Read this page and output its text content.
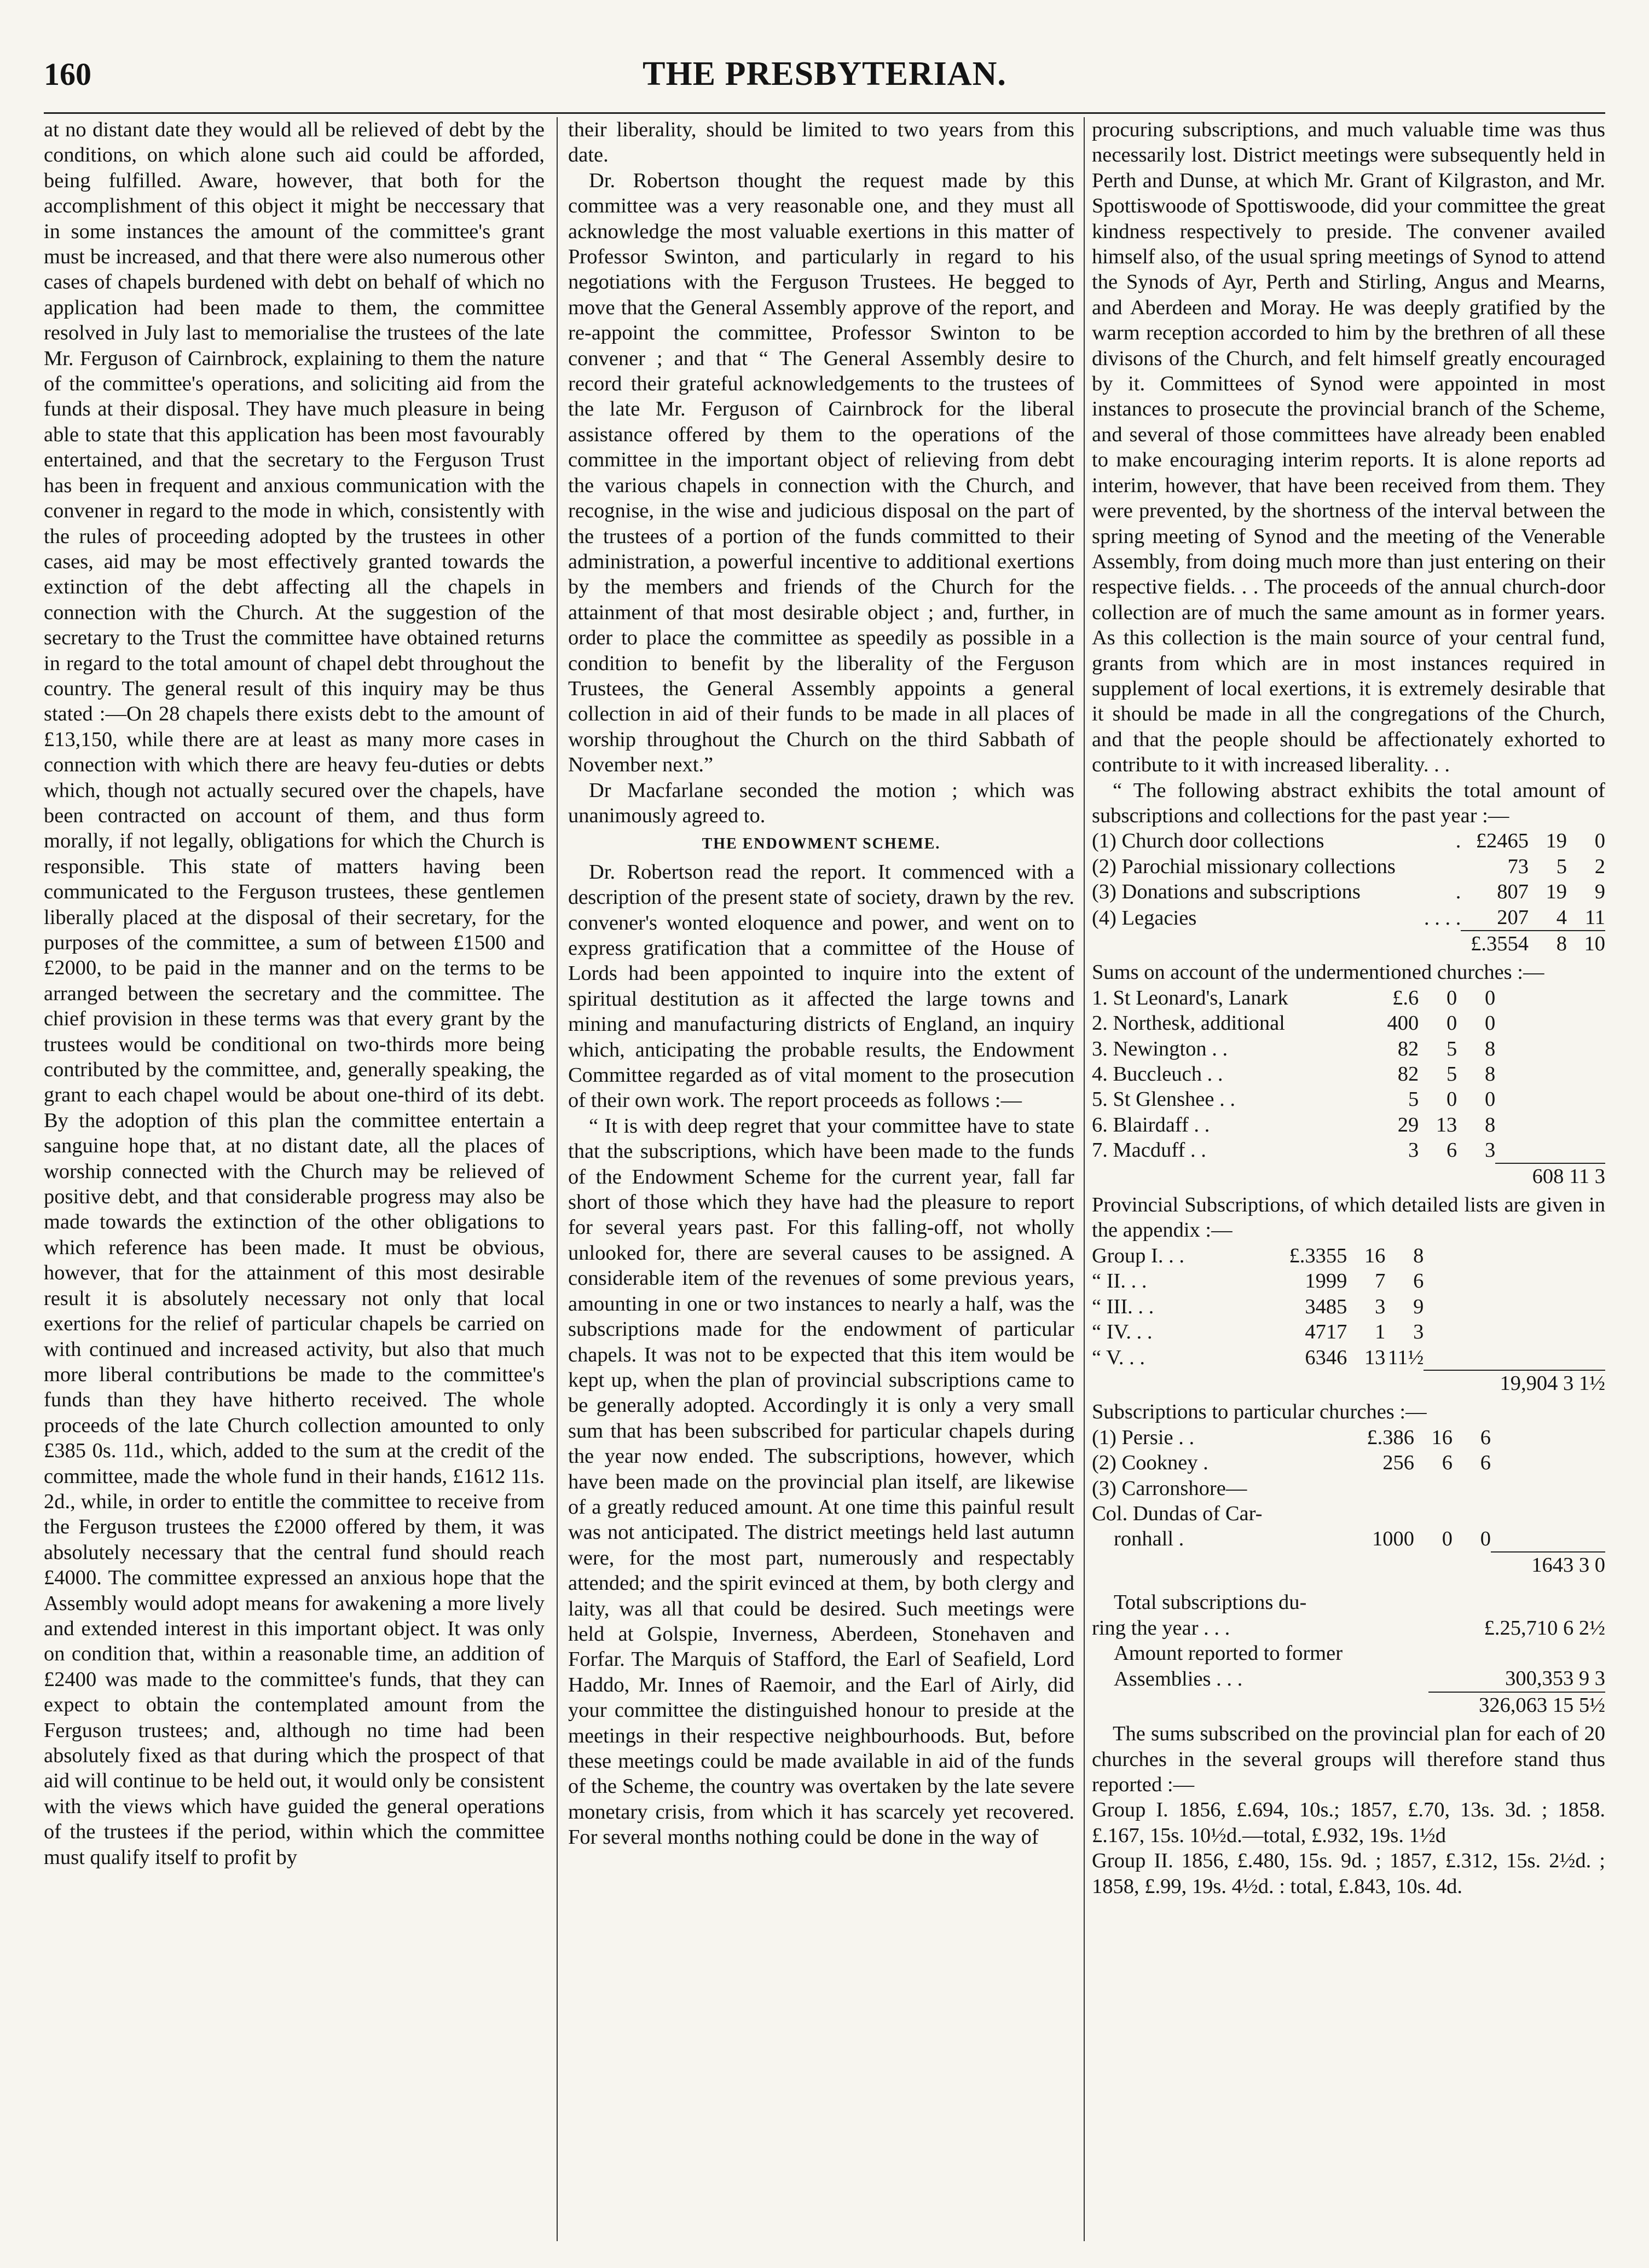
160	THE PRESBYTERIAN.

at no distant date they would all be relieved of debt by the conditions, on which alone such aid could be afforded, being fulfilled. Aware, however, that both for the accomplishment of this object it might be neccessary that in some instances the amount of the committee's grant must be increased, and that there were also numerous other cases of chapels burdened with debt on behalf of which no application had been made to them, the committee resolved in July last to memorialise the trustees of the late Mr. Ferguson of Cairnbrock, explaining to them the nature of the committee's operations, and soliciting aid from the funds at their disposal. They have much pleasure in being able to state that this application has been most favourably entertained, and that the secretary to the Ferguson Trust has been in frequent and anxious communication with the convener in regard to the mode in which, consistently with the rules of proceeding adopted by the trustees in other cases, aid may be most effectively granted towards the extinction of the debt affecting all the chapels in connection with the Church. At the suggestion of the secretary to the Trust the committee have obtained returns in regard to the total amount of chapel debt throughout the country. The general result of this inquiry may be thus stated :—On 28 chapels there exists debt to the amount of £13,150, while there are at least as many more cases in connection with which there are heavy feu-duties or debts which, though not actually secured over the chapels, have been contracted on account of them, and thus form morally, if not legally, obligations for which the Church is responsible. This state of matters having been communicated to the Ferguson trustees, these gentlemen liberally placed at the disposal of their secretary, for the purposes of the committee, a sum of between £1500 and £2000, to be paid in the manner and on the terms to be arranged between the secretary and the committee. The chief provision in these terms was that every grant by the trustees would be conditional on two-thirds more being contributed by the committee, and, generally speaking, the grant to each chapel would be about one-third of its debt. By the adoption of this plan the committee entertain a sanguine hope that, at no distant date, all the places of worship connected with the Church may be relieved of positive debt, and that considerable progress may also be made towards the extinction of the other obligations to which reference has been made. It must be obvious, however, that for the attainment of this most desirable result it is absolutely necessary not only that local exertions for the relief of particular chapels be carried on with continued and increased activity, but also that much more liberal contributions be made to the committee's funds than they have hitherto received. The whole proceeds of the late Church collection amounted to only £385 0s. 11d., which, added to the sum at the credit of the committee, made the whole fund in their hands, £1612 11s. 2d., while, in order to entitle the committee to receive from the Ferguson trustees the £2000 offered by them, it was absolutely necessary that the central fund should reach £4000. The committee expressed an anxious hope that the Assembly would adopt means for awakening a more lively and extended interest in this important object. It was only on condition that, within a reasonable time, an addition of £2400 was made to the committee's funds, that they can expect to obtain the contemplated amount from the Ferguson trustees; and, although no time had been absolutely fixed as that during which the prospect of that aid will continue to be held out, it would only be consistent with the views which have guided the general operations of the trustees if the period, within which the committee must qualify itself to profit by

their liberality, should be limited to two years from this date.

Dr. Robertson thought the request made by this committee was a very reasonable one, and they must all acknowledge the most valuable exertions in this matter of Professor Swinton, and particularly in regard to his negotiations with the Ferguson Trustees. He begged to move that the General Assembly approve of the report, and re-appoint the committee, Professor Swinton to be convener ; and that “ The General Assembly desire to record their grateful acknowledgements to the trustees of the late Mr. Ferguson of Cairnbrock for the liberal assistance offered by them to the operations of the committee in the important object of relieving from debt the various chapels in connection with the Church, and recognise, in the wise and judicious disposal on the part of the trustees of a portion of the funds committed to their administration, a powerful incentive to additional exertions by the members and friends of the Church for the attainment of that most desirable object ; and, further, in order to place the committee as speedily as possible in a condition to benefit by the liberality of the Ferguson Trustees, the General Assembly appoints a general collection in aid of their funds to be made in all places of worship throughout the Church on the third Sabbath of November next.”

Dr Macfarlane seconded the motion ; which was unanimously agreed to.

THE ENDOWMENT SCHEME.

Dr. Robertson read the report. It commenced with a description of the present state of society, drawn by the rev. convener's wonted eloquence and power, and went on to express gratification that a committee of the House of Lords had been appointed to inquire into the extent of spiritual destitution as it affected the large towns and mining and manufacturing districts of England, an inquiry which, anticipating the probable results, the Endowment Committee regarded as of vital moment to the prosecution of their own work. The report proceeds as follows :—

“ It is with deep regret that your committee have to state that the subscriptions, which have been made to the funds of the Endowment Scheme for the current year, fall far short of those which they have had the pleasure to report for several years past. For this falling-off, not wholly unlooked for, there are several causes to be assigned. A considerable item of the revenues of some previous years, amounting in one or two instances to nearly a half, was the subscriptions made for the endowment of particular chapels. It was not to be expected that this item would be kept up, when the plan of provincial subscriptions came to be generally adopted. Accordingly it is only a very small sum that has been subscribed for particular chapels during the year now ended. The subscriptions, however, which have been made on the provincial plan itself, are likewise of a greatly reduced amount. At one time this painful result was not anticipated. The district meetings held last autumn were, for the most part, numerously and respectably attended; and the spirit evinced at them, by both clergy and laity, was all that could be desired. Such meetings were held at Golspie, Inverness, Aberdeen, Stonehaven and Forfar. The Marquis of Stafford, the Earl of Seafield, Lord Haddo, Mr. Innes of Raemoir, and the Earl of Airly, did your committee the distinguished honour to preside at the meetings in their respective neighbourhoods. But, before these meetings could be made available in aid of the funds of the Scheme, the country was overtaken by the late severe monetary crisis, from which it has scarcely yet recovered. For several months nothing could be done in the way of

procuring subscriptions, and much valuable time was thus necessarily lost. District meetings were subsequently held in Perth and Dunse, at which Mr. Grant of Kilgraston, and Mr. Spottiswoode of Spottiswoode, did your committee the great kindness respectively to preside. The convener availed himself also, of the usual spring meetings of Synod to attend the Synods of Ayr, Perth and Stirling, Angus and Mearns, and Aberdeen and Moray. He was deeply gratified by the warm reception accorded to him by the brethren of all these divisons of the Church, and felt himself greatly encouraged by it. Committees of Synod were appointed in most instances to prosecute the provincial branch of the Scheme, and several of those committees have already been enabled to make encouraging interim reports. It is alone reports ad interim, however, that have been received from them. They were prevented, by the shortness of the interval between the spring meeting of Synod and the meeting of the Venerable Assembly, from doing much more than just entering on their respective fields. . . The proceeds of the annual church-door collection are of much the same amount as in former years. As this collection is the main source of your central fund, grants from which are in most instances required in supplement of local exertions, it is extremely desirable that it should be made in all the congregations of the Church, and that the people should be affectionately exhorted to contribute to it with increased liberality. . .

“ The following abstract exhibits the total amount of subscriptions and collections for the past year :—

(1) Church door collections	.	£2465	19	0
(2) Parochial missionary collections		73	5	2
(3) Donations and subscriptions	.	807	19	9
(4) Legacies	. . . .	207	4	11
		£.3554	8	10

Sums on account of the undermentioned churches :—

1. St Leonard's, Lanark	£.6	0	0	
2. Northesk, additional	400	0	0	
3. Newington . .	82	5	8	
4. Buccleuch . .	82	5	8	
5. St Glenshee . .	5	0	0	
6. Blairdaff . .	29	13	8	
7. Macduff . .	3	6	3	
				608 11 3

Provincial Subscriptions, of which detailed lists are given in the appendix :—

Group I. . .	£.3355	16	8	
“ II. . .	1999	7	6	
“ III. . .	3485	3	9	
“ IV. . .	4717	1	3	
“ V. . .	6346	13	11½	
				19,904 3 1½

Subscriptions to particular churches :—

(1) Persie . .	£.386	16	6	
(2) Cookney .	256	6	6	
(3) Carronshore—				
Col. Dundas of Car-				
ronhall .	1000	0	0	
				1643 3 0
Total subscriptions du-	
ring the year . . .	£.25,710 6 2½
Amount reported to former	
Assemblies . . .	300,353 9 3
	326,063 15 5½

The sums subscribed on the provincial plan for each of 20 churches in the several groups will therefore stand thus reported :—

Group I. 1856, £.694, 10s.; 1857, £.70, 13s. 3d. ; 1858. £.167, 15s. 10½d.—total, £.932, 19s. 1½d

Group II. 1856, £.480, 15s. 9d. ; 1857, £.312, 15s. 2½d. ; 1858, £.99, 19s. 4½d. : total, £.843, 10s. 4d.
